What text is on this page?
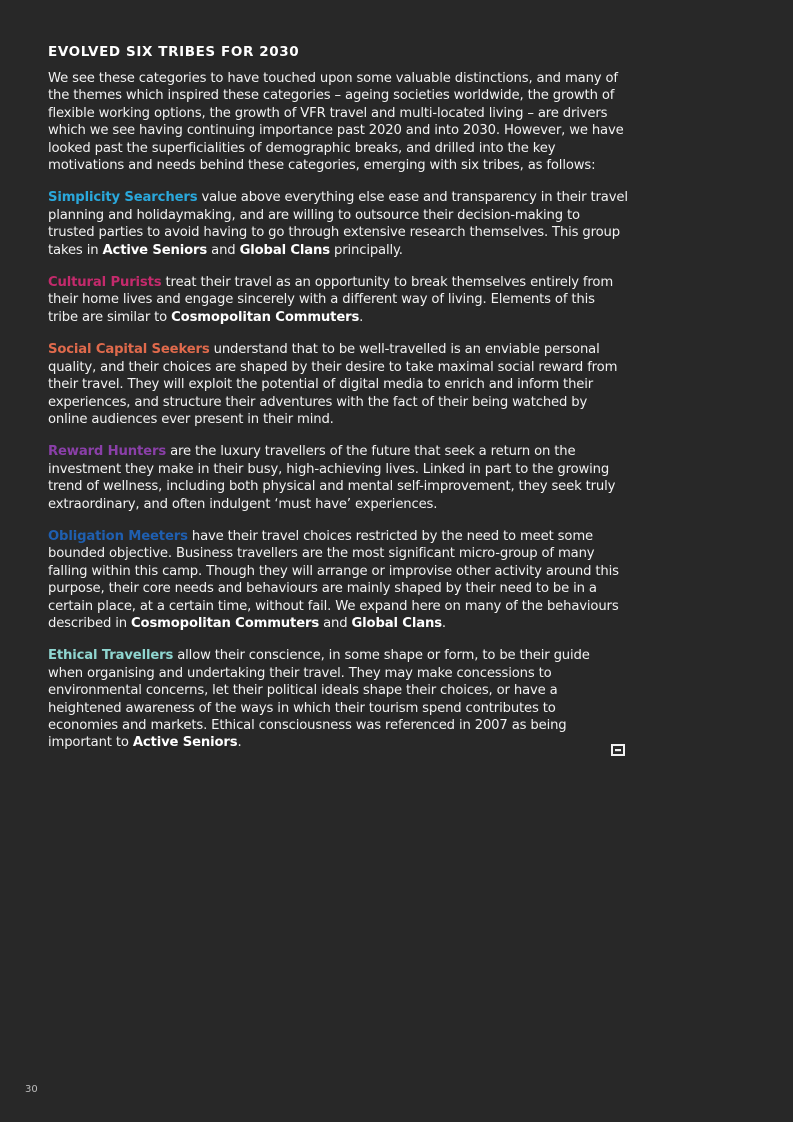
EVOLVED SIX TRIBES FOR 2030

We see these categories to have touched upon some valuable distinctions, and many of the themes which inspired these categories – ageing societies worldwide, the growth of flexible working options, the growth of VFR travel and multi-located living – are drivers which we see having continuing importance past 2020 and into 2030. However, we have looked past the superficialities of demographic breaks, and drilled into the key motivations and needs behind these categories, emerging with six tribes, as follows:

Simplicity Searchers value above everything else ease and transparency in their travel planning and holidaymaking, and are willing to outsource their decision-making to trusted parties to avoid having to go through extensive research themselves. This group takes in Active Seniors and Global Clans principally.

Cultural Purists treat their travel as an opportunity to break themselves entirely from their home lives and engage sincerely with a different way of living. Elements of this tribe are similar to Cosmopolitan Commuters.

Social Capital Seekers understand that to be well-travelled is an enviable personal quality, and their choices are shaped by their desire to take maximal social reward from their travel. They will exploit the potential of digital media to enrich and inform their experiences, and structure their adventures with the fact of their being watched by online audiences ever present in their mind.

Reward Hunters are the luxury travellers of the future that seek a return on the investment they make in their busy, high-achieving lives. Linked in part to the growing trend of wellness, including both physical and mental self-improvement, they seek truly extraordinary, and often indulgent ‘must have’ experiences.

Obligation Meeters have their travel choices restricted by the need to meet some bounded objective. Business travellers are the most significant micro-group of many falling within this camp. Though they will arrange or improvise other activity around this purpose, their core needs and behaviours are mainly shaped by their need to be in a certain place, at a certain time, without fail. We expand here on many of the behaviours described in Cosmopolitan Commuters and Global Clans.

Ethical Travellers allow their conscience, in some shape or form, to be their guide when organising and undertaking their travel. They may make concessions to environmental concerns, let their political ideals shape their choices, or have a heightened awareness of the ways in which their tourism spend contributes to economies and markets. Ethical consciousness was referenced in 2007 as being important to Active Seniors.

30
